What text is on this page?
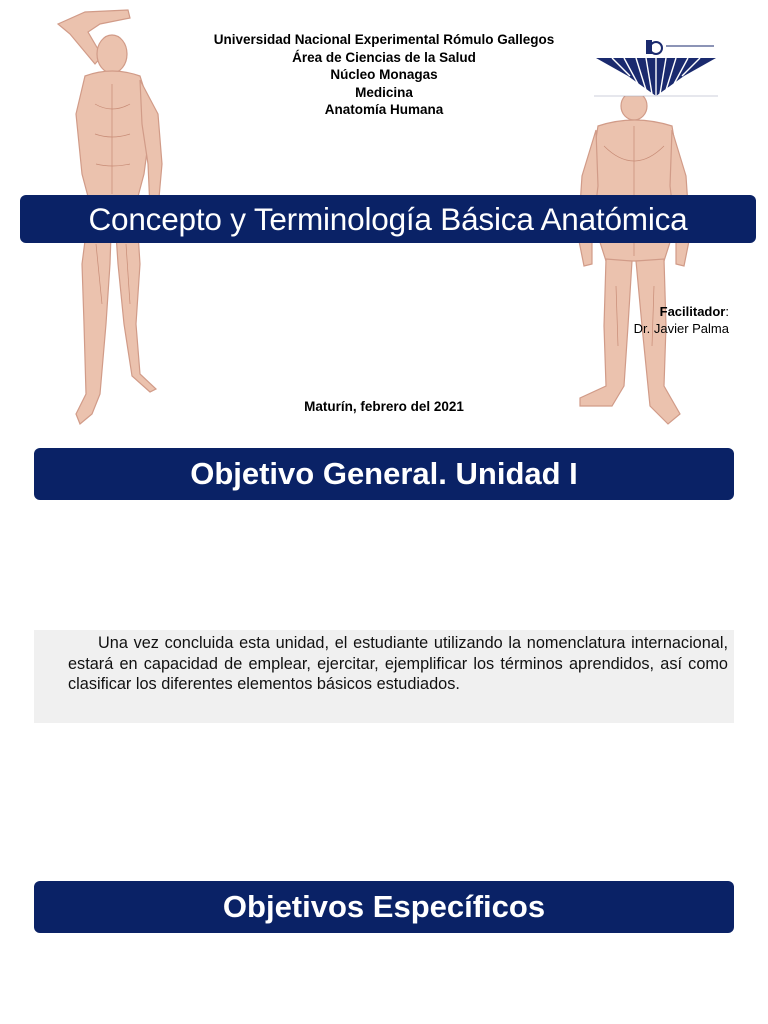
Universidad Nacional Experimental Rómulo Gallegos
Área de Ciencias de la Salud
Núcleo Monagas
Medicina
Anatomía Humana
Concepto y Terminología Básica Anatómica
Facilitador:
Dr. Javier Palma
Maturín, febrero del 2021
Objetivo General. Unidad I
Una vez concluida esta unidad, el estudiante utilizando la nomenclatura internacional, estará en capacidad de emplear, ejercitar, ejemplificar los términos aprendidos, así como clasificar los diferentes elementos básicos estudiados.
Objetivos Específicos
